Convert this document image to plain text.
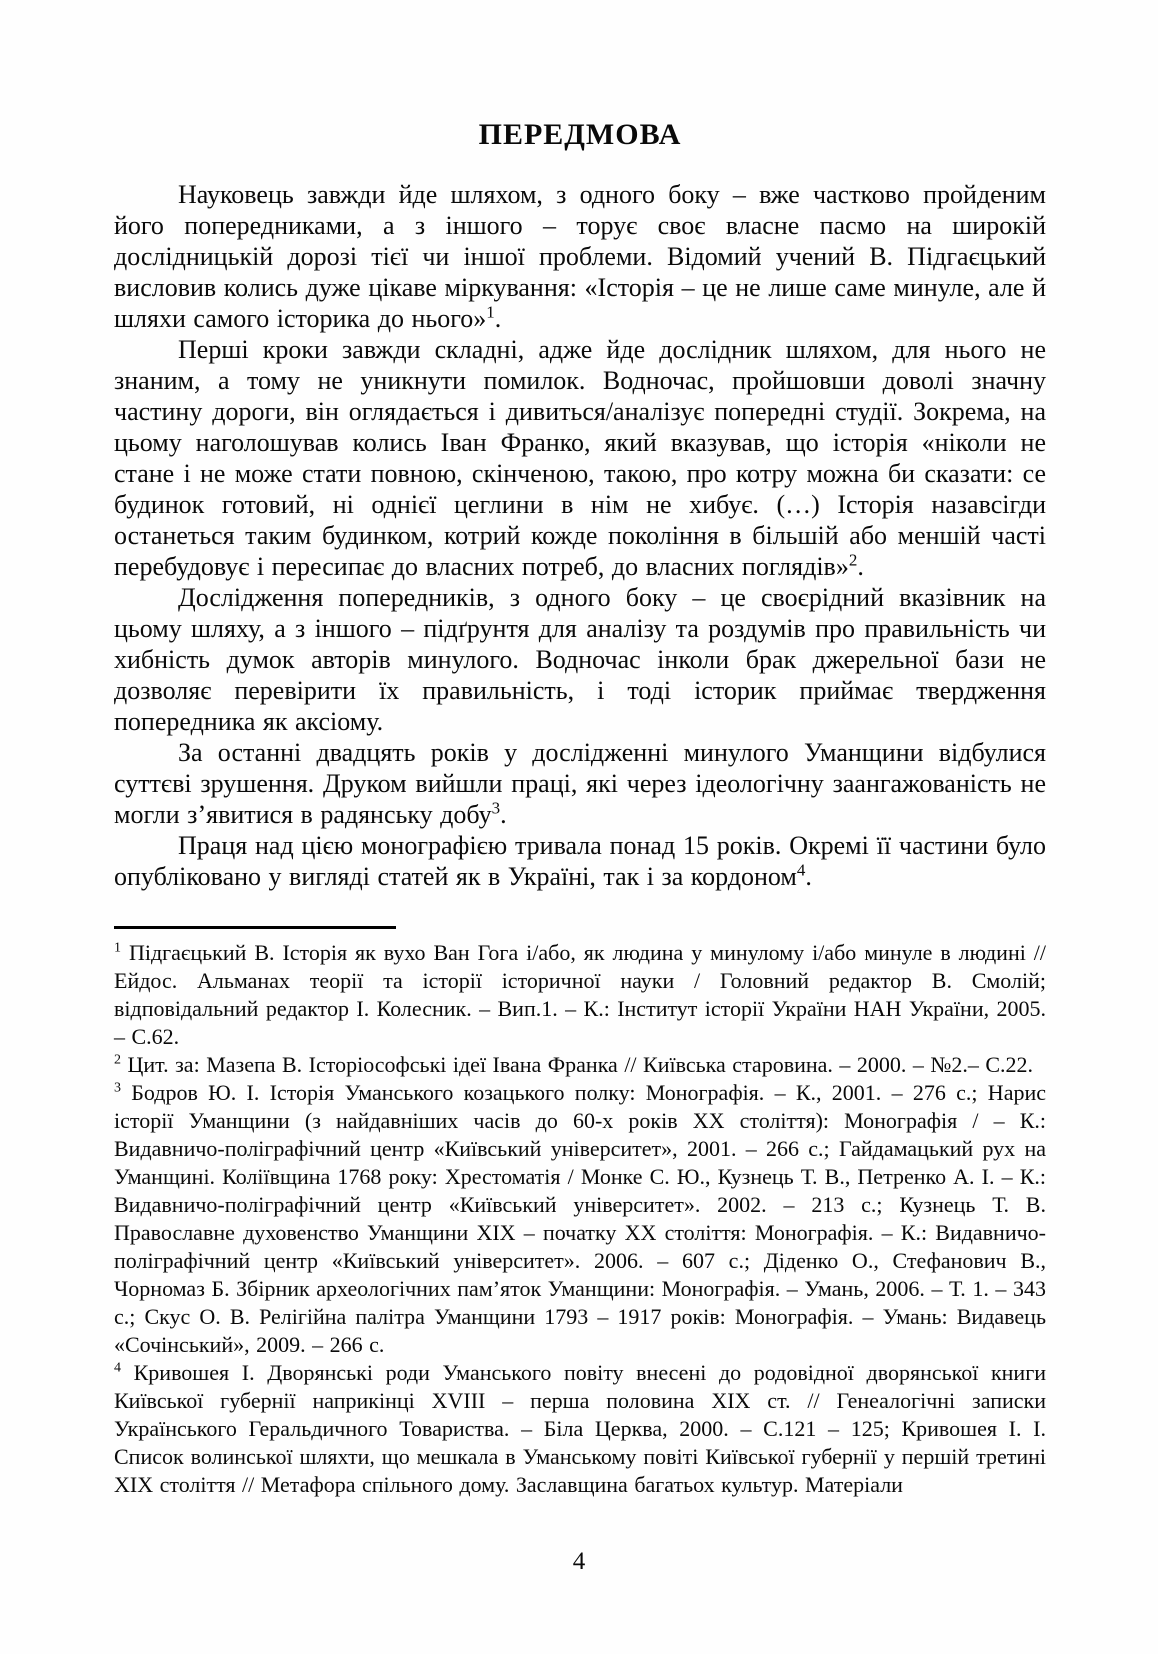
ПЕРЕДМОВА

Науковець завжди йде шляхом, з одного боку – вже частково пройденим його попередниками, а з іншого – торує своє власне пасмо на широкій дослідницькій дорозі тієї чи іншої проблеми. Відомий учений В. Підгаєцький висловив колись дуже цікаве міркування: «Історія – це не лише саме минуле, але й шляхи самого історика до нього»$^1$.

Перші кроки завжди складні, адже йде дослідник шляхом, для нього не знаним, а тому не уникнути помилок. Водночас, пройшовши доволі значну частину дороги, він оглядається і дивиться/аналізує попередні студії. Зокрема, на цьому наголошував колись Іван Франко, який вказував, що історія «ніколи не стане і не може стати повною, скінченою, такою, про котру можна би сказати: се будинок готовий, ні однієї цеглини в нім не хибує. (…) Історія назавсігди останеться таким будинком, котрий кожде покоління в більшій або меншій часті перебудовує і пересипає до власних потреб, до власних поглядів»$^2$.

Дослідження попередників, з одного боку – це своєрідний вказівник на цьому шляху, а з іншого – підґрунтя для аналізу та роздумів про правильність чи хибність думок авторів минулого. Водночас інколи брак джерельної бази не дозволяє перевірити їх правильність, і тоді історик приймає твердження попередника як аксіому.

За останні двадцять років у дослідженні минулого Уманщини відбулися суттєві зрушення. Друком вийшли праці, які через ідеологічну заангажованість не могли з’явитися в радянську добу$^3$.

Праця над цією монографією тривала понад 15 років. Окремі її частини було опубліковано у вигляді статей як в Україні, так і за кордоном$^4$.

$^1$ Підгаєцький В. Історія як вухо Ван Гога і/або, як людина у минулому і/або минуле в людині // Ейдос. Альманах теорії та історії історичної науки / Головний редактор В. Смолій; відповідальний редактор І. Колесник. – Вип.1. – К.: Інститут історії України НАН України, 2005. – С.62.

$^2$ Цит. за: Мазепа В. Історіософські ідеї Івана Франка // Київська старовина. – 2000. – №2.– С.22.

$^3$ Бодров Ю. І. Історія Уманського козацького полку: Монографія. – К., 2001. – 276 с.; Нарис історії Уманщини (з найдавніших часів до 60-х років ХХ століття): Монографія / – К.: Видавничо-поліграфічний центр «Київський університет», 2001. – 266 с.; Гайдамацький рух на Уманщині. Коліївщина 1768 року: Хрестоматія / Монке С. Ю., Кузнець Т. В., Петренко А. І. – К.: Видавничо-поліграфічний центр «Київський університет». 2002. – 213 с.; Кузнець Т. В. Православне духовенство Уманщини ХІХ – початку ХХ століття: Монографія. – К.: Видавничо-поліграфічний центр «Київський університет». 2006. – 607 с.; Діденко О., Стефанович В., Чорномаз Б. Збірник археологічних пам’яток Уманщини: Монографія. – Умань, 2006. – Т. 1. – 343 с.; Скус О. В. Релігійна палітра Уманщини 1793 – 1917 років: Монографія. – Умань: Видавець «Сочінський», 2009. – 266 с.

$^4$ Кривошея І. Дворянські роди Уманського повіту внесені до родовідної дворянської книги Київської губернії наприкінці XVIII – перша половина ХІХ ст. // Генеалогічні записки Українського Геральдичного Товариства. – Біла Церква, 2000. – С.121 – 125; Кривошея І. І. Список волинської шляхти, що мешкала в Уманському повіті Київської губернії у першій третині ХІХ століття // Метафора спільного дому. Заславщина багатьох культур. Матеріали

4
